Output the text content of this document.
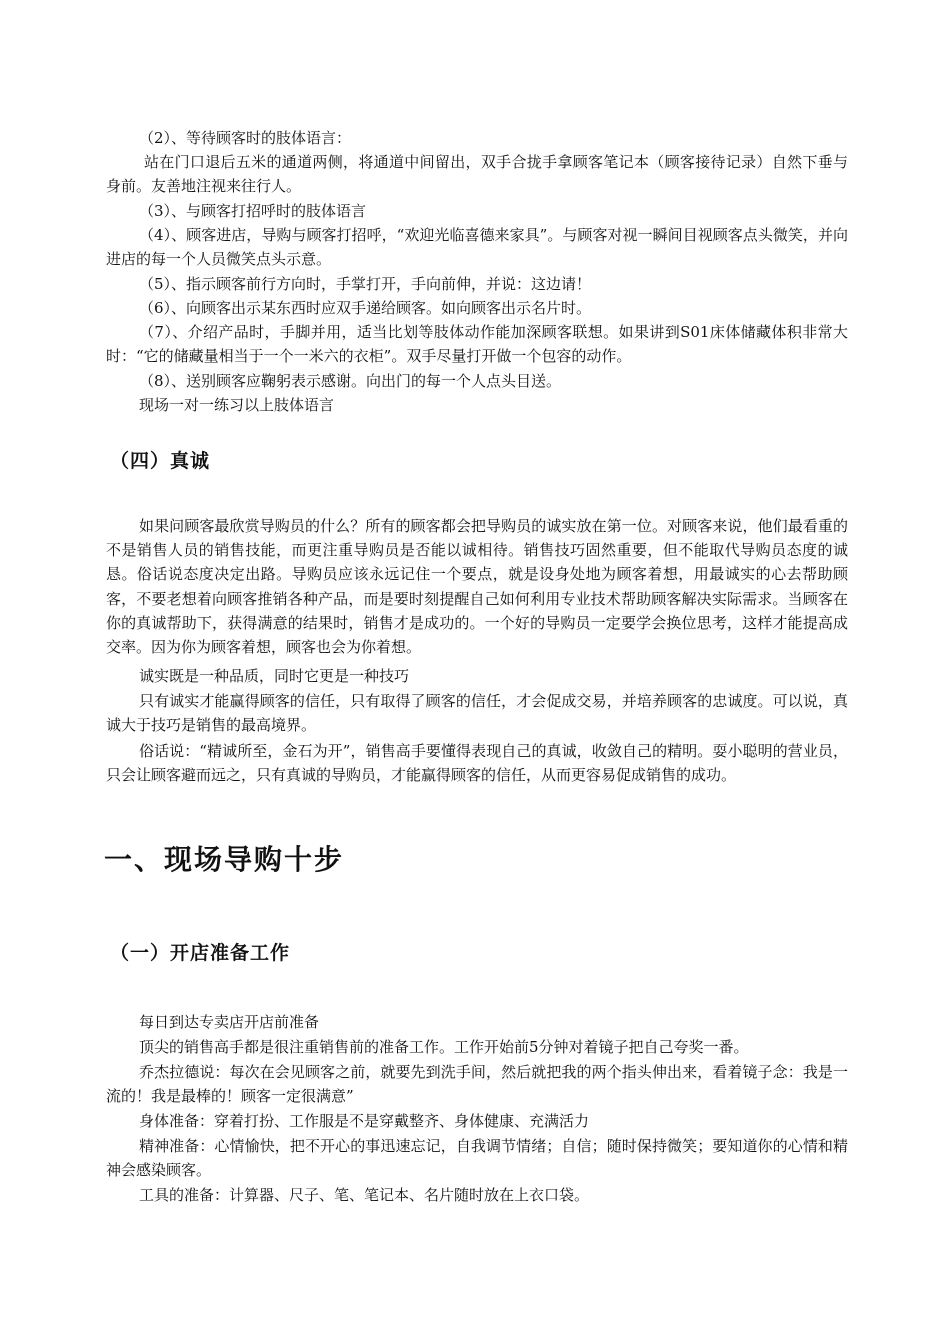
（2）、等待顾客时的肢体语言：

站在门口退后五米的通道两侧，将通道中间留出，双手合拢手拿顾客笔记本（顾客接待记录）自然下垂与身前。友善地注视来往行人。

（3）、与顾客打招呼时的肢体语言

（4）、顾客进店，导购与顾客打招呼，“欢迎光临喜德来家具”。与顾客对视一瞬间目视顾客点头微笑，并向进店的每一个人员微笑点头示意。

（5）、指示顾客前行方向时，手掌打开，手向前伸，并说：这边请！

（6）、向顾客出示某东西时应双手递给顾客。如向顾客出示名片时。

（7）、介绍产品时，手脚并用，适当比划等肢体动作能加深顾客联想。如果讲到S01床体储藏体积非常大时：“它的储藏量相当于一个一米六的衣柜”。双手尽量打开做一个包容的动作。

（8）、送别顾客应鞠躬表示感谢。向出门的每一个人点头目送。

现场一对一练习以上肢体语言

（四）真诚

如果问顾客最欣赏导购员的什么？所有的顾客都会把导购员的诚实放在第一位。对顾客来说，他们最看重的不是销售人员的销售技能，而更注重导购员是否能以诚相待。销售技巧固然重要，但不能取代导购员态度的诚恳。俗话说态度决定出路。导购员应该永远记住一个要点，就是设身处地为顾客着想，用最诚实的心去帮助顾客，不要老想着向顾客推销各种产品，而是要时刻提醒自己如何利用专业技术帮助顾客解决实际需求。当顾客在你的真诚帮助下，获得满意的结果时，销售才是成功的。一个好的导购员一定要学会换位思考，这样才能提高成交率。因为你为顾客着想，顾客也会为你着想。

诚实既是一种品质，同时它更是一种技巧

只有诚实才能赢得顾客的信任，只有取得了顾客的信任，才会促成交易，并培养顾客的忠诚度。可以说，真诚大于技巧是销售的最高境界。

俗话说：“精诚所至，金石为开”，销售高手要懂得表现自己的真诚，收敛自己的精明。耍小聪明的营业员，只会让顾客避而远之，只有真诚的导购员，才能赢得顾客的信任，从而更容易促成销售的成功。

一、现场导购十步
（一）开店准备工作

每日到达专卖店开店前准备

顶尖的销售高手都是很注重销售前的准备工作。工作开始前5分钟对着镜子把自己夸奖一番。

乔杰拉德说：每次在会见顾客之前，就要先到洗手间，然后就把我的两个指头伸出来，看着镜子念：我是一流的！我是最棒的！顾客一定很满意”

身体准备：穿着打扮、工作服是不是穿戴整齐、身体健康、充满活力

精神准备：心情愉快，把不开心的事迅速忘记，自我调节情绪；自信；随时保持微笑；要知道你的心情和精神会感染顾客。

工具的准备：计算器、尺子、笔、笔记本、名片随时放在上衣口袋。
